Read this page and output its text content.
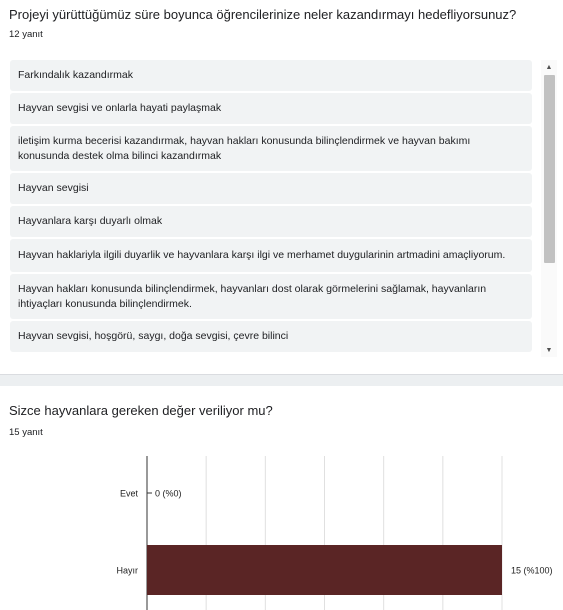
Projeyi yürüttüğümüz süre boyunca öğrencilerinize neler kazandırmayı hedefliyorsunuz?
12 yanıt
Farkındalık kazandırmak
Hayvan sevgisi ve onlarla hayati paylaşmak
iletişim kurma becerisi kazandırmak, hayvan hakları konusunda bilinçlendirmek ve hayvan bakımı konusunda destek olma bilinci kazandırmak
Hayvan sevgisi
Hayvanlara karşı duyarlı olmak
Hayvan haklariyla ilgili duyarlik ve hayvanlara karşı ilgi ve merhamet duygularinin artmadini amaçliyorum.
Hayvan hakları konusunda bilinçlendirmek, hayvanları dost olarak görmelerini sağlamak, hayvanların ihtiyaçları konusunda bilinçlendirmek.
Hayvan sevgisi, hoşgörü, saygı, doğa sevgisi, çevre bilinci
▲
▼
Sizce hayvanlara gereken değer veriliyor mu?
15 yanıt
Evet 0 (%0)
Hayır	15 (%100)
